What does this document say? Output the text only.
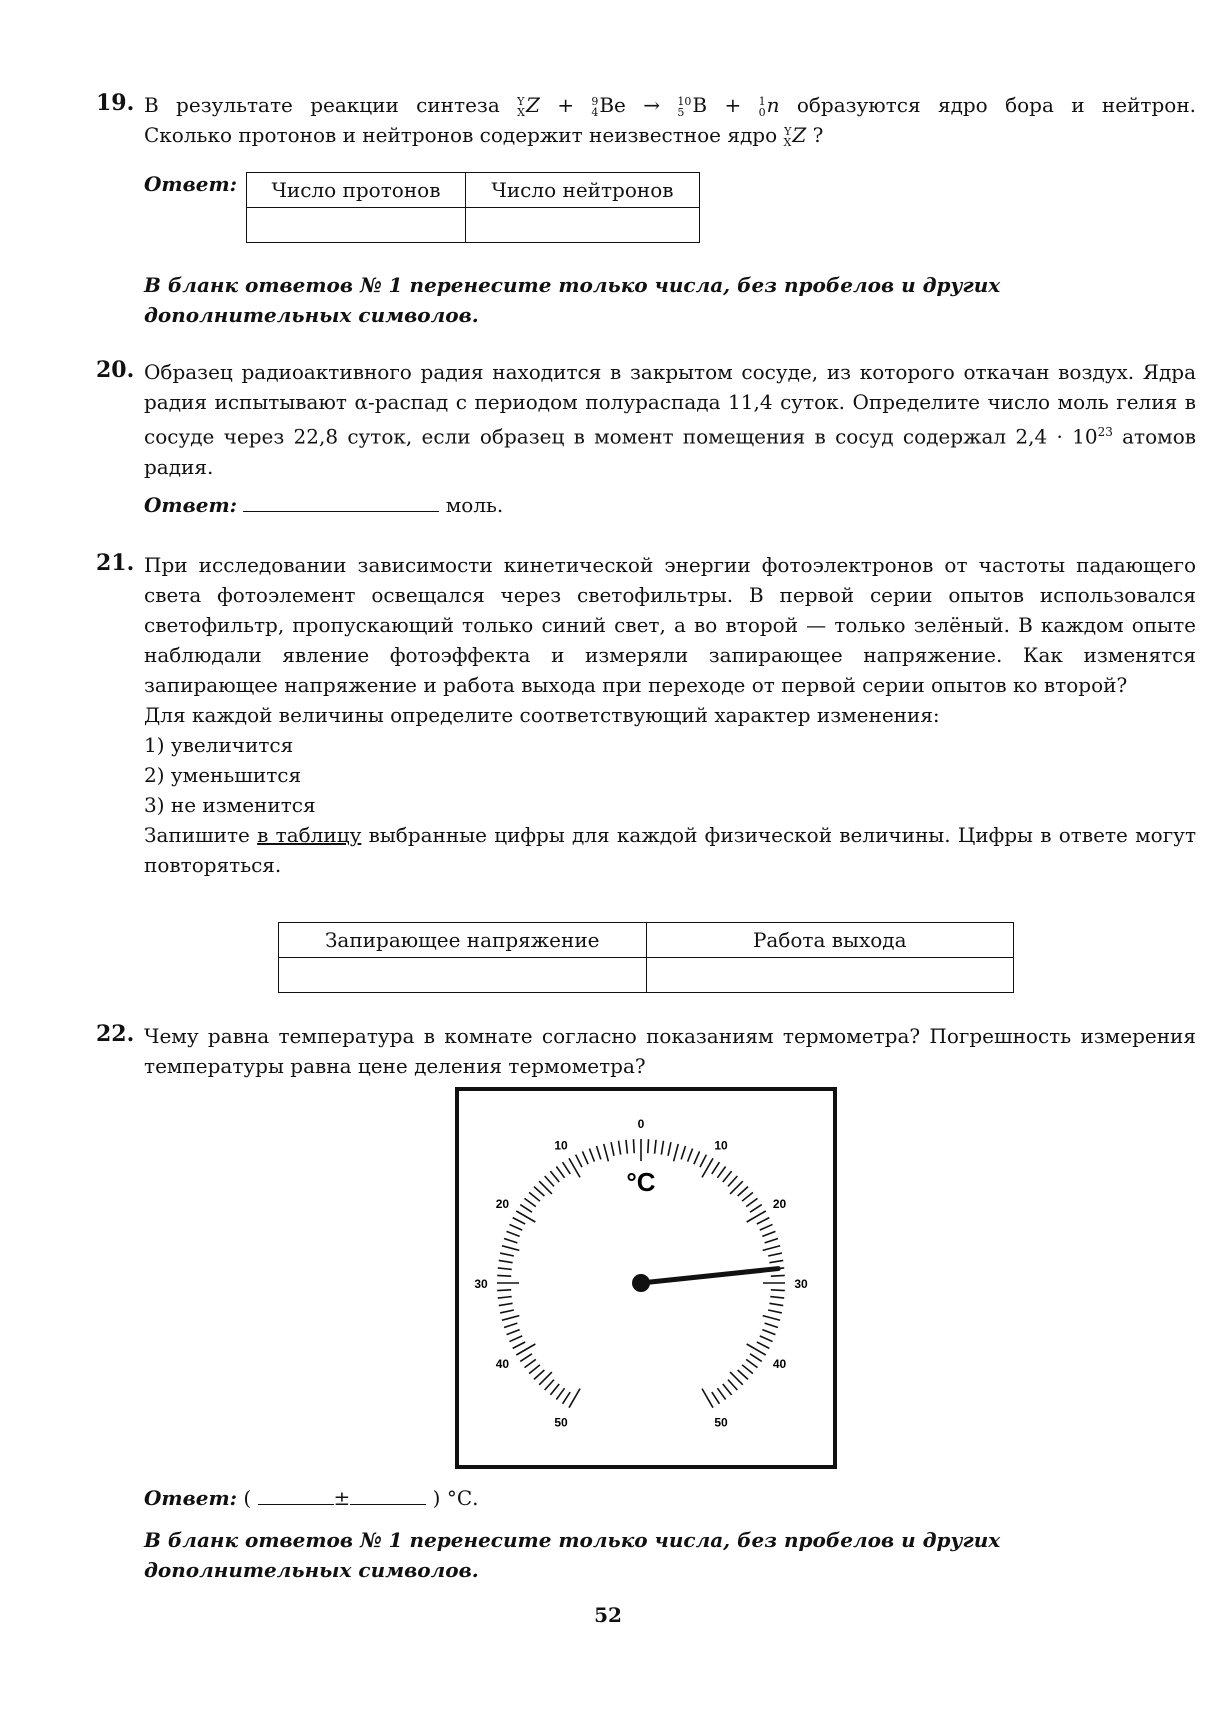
19. В результате реакции синтеза Y
XZ + 9
4Be → 10
5 B + 1
0n образуются ядро бора и нейтрон.

Сколько протонов и нейтронов содержит неизвестное ядро Y
XZ ?

Ответ: Число протонов	Число нейтронов

В бланк ответов № 1 перенесите только числа, без пробелов и других дополнительных символов.
20. Образец радиоактивного радия находится в закрытом сосуде, из которого откачан воздух. Ядра радия испытывают α-распад с периодом полураспада 11,4 суток. Определите число моль гелия в сосуде через 22,8 суток, если образец в момент помещения в сосуд содержал $2,4 \cdot 10^{23}$ атомов радия.

Ответ:	моль.
21. При исследовании зависимости кинетической энергии фотоэлектронов от частоты падающего света фотоэлемент освещался через светофильтры. В первой серии опытов использовался светофильтр, пропускающий только синий свет, а во второй — только зелёный. В каждом опыте наблюдали явление фотоэффекта и измеряли запирающее напряжение. Как изменятся запирающее напряжение и работа выхода при переходе от первой серии опытов ко второй?

Для каждой величины определите соответствующий характер изменения:

1) увеличится

2) уменьшится

3) не изменится

Запишите в таблицу выбранные цифры для каждой физической величины. Цифры в ответе могут повторяться.

Запирающее напряжение	Работа выхода

22. Чему равна температура в комнате согласно показаниям термометра? Погрешность измерения температуры равна цене деления термометра?
0
10	10
20	20
30	30
40	40
50	50
°C
Ответ: (	±	) °С.
В бланк ответов № 1 перенесите только числа, без пробелов и других дополнительных символов.
52
